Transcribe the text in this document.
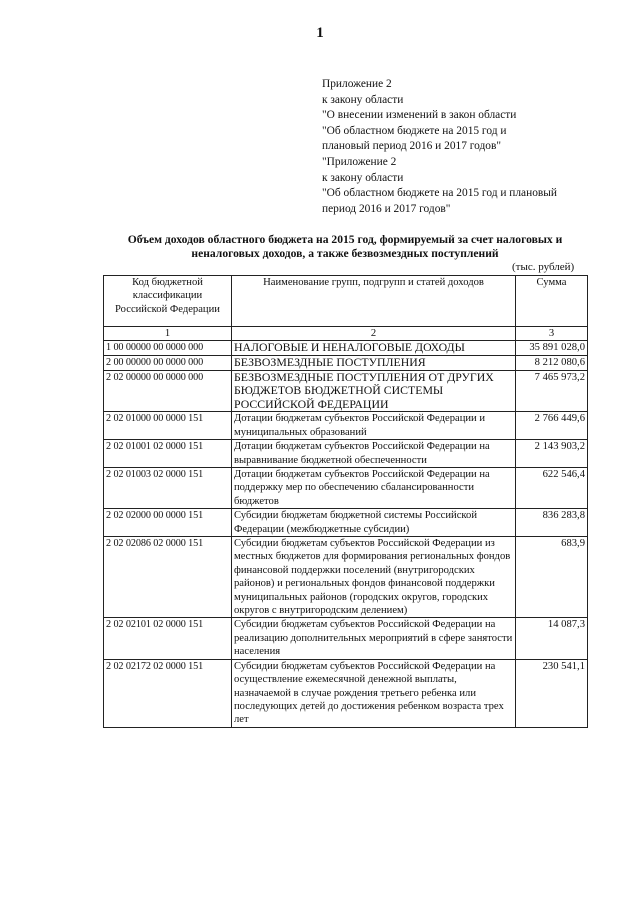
1
Приложение 2
к закону области
"О внесении изменений в закон области
"Об областном бюджете на 2015 год и
плановый период 2016 и 2017 годов"
"Приложение 2
к закону области
"Об областном бюджете на 2015 год и плановый
период 2016 и 2017 годов"
Объем доходов областного бюджета на 2015 год, формируемый за счет налоговых и
неналоговых доходов, а также безвозмездных поступлений
(тыс. рублей)
Код бюджетной классификации Российской Федерации	Наименование групп, подгрупп и статей доходов	Сумма
1	2	3
1 00 00000 00 0000 000	НАЛОГОВЫЕ И НЕНАЛОГОВЫЕ ДОХОДЫ	35 891 028,0
2 00 00000 00 0000 000	БЕЗВОЗМЕЗДНЫЕ ПОСТУПЛЕНИЯ	8 212 080,6
2 02 00000 00 0000 000	БЕЗВОЗМЕЗДНЫЕ ПОСТУПЛЕНИЯ ОТ ДРУГИХ БЮДЖЕТОВ БЮДЖЕТНОЙ СИСТЕМЫ РОССИЙСКОЙ ФЕДЕРАЦИИ	7 465 973,2
2 02 01000 00 0000 151	Дотации бюджетам субъектов Российской Федерации и муниципальных образований	2 766 449,6
2 02 01001 02 0000 151	Дотации бюджетам субъектов Российской Федерации на выравнивание бюджетной обеспеченности	2 143 903,2
2 02 01003 02 0000 151	Дотации бюджетам субъектов Российской Федерации на поддержку мер по обеспечению сбалансированности бюджетов	622 546,4
2 02 02000 00 0000 151	Субсидии бюджетам бюджетной системы Российской Федерации (межбюджетные субсидии)	836 283,8
2 02 02086 02 0000 151	Субсидии бюджетам субъектов Российской Федерации из местных бюджетов для формирования региональных фондов финансовой поддержки поселений (внутригородских районов) и региональных фондов финансовой поддержки муниципальных районов (городских округов, городских округов с внутригородским делением)	683,9
2 02 02101 02 0000 151	Субсидии бюджетам субъектов Российской Федерации на реализацию дополнительных мероприятий в сфере занятости населения	14 087,3
2 02 02172 02 0000 151	Субсидии бюджетам субъектов Российской Федерации на осуществление ежемесячной денежной выплаты, назначаемой в случае рождения третьего ребенка или последующих детей до достижения ребенком возраста трех лет	230 541,1
